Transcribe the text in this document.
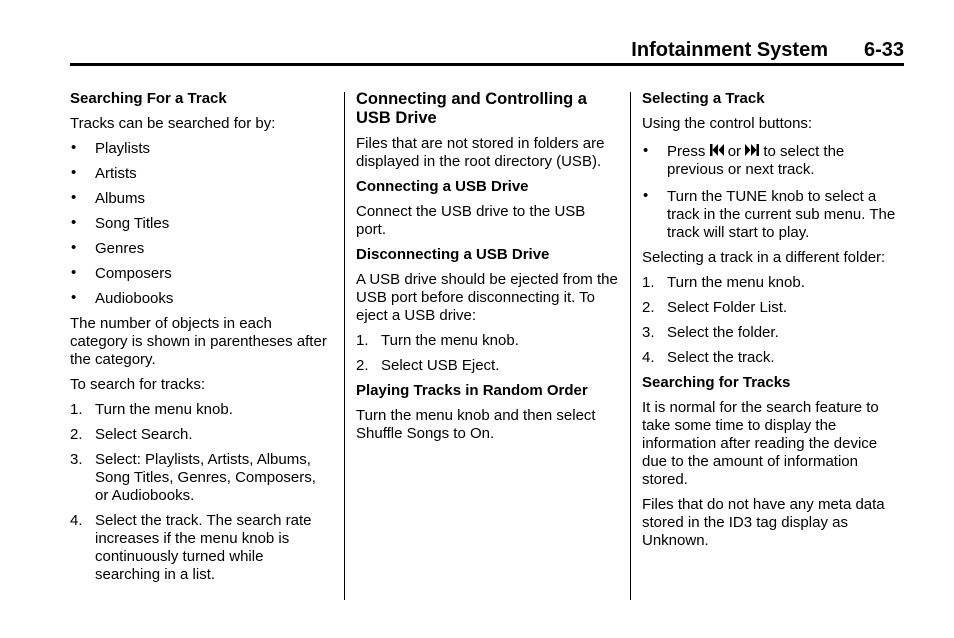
Infotainment System 6-33
Searching For a Track

Tracks can be searched for by:

• Playlists
• Artists
• Albums
• Song Titles
• Genres
• Composers
• Audiobooks

The number of objects in each category is shown in parentheses after the category.

To search for tracks:

1. Turn the menu knob.
2. Select Search.
3. Select: Playlists, Artists, Albums, Song Titles, Genres, Composers, or Audiobooks.
4. Select the track. The search rate increases if the menu knob is continuously turned while searching in a list.
Connecting and Controlling a USB Drive

Files that are not stored in folders are displayed in the root directory (USB).

Connecting a USB Drive

Connect the USB drive to the USB port.

Disconnecting a USB Drive

A USB drive should be ejected from the USB port before disconnecting it. To eject a USB drive:

1. Turn the menu knob.
2. Select USB Eject.
Playing Tracks in Random Order

Turn the menu knob and then select Shuffle Songs to On.

Selecting a Track

Using the control buttons:

• Press or to select the previous or next track.
• Turn the TUNE knob to select a track in the current sub menu. The track will start to play.

Selecting a track in a different folder:

1. Turn the menu knob.
2. Select Folder List.
3. Select the folder.
4. Select the track.
Searching for Tracks

It is normal for the search feature to take some time to display the information after reading the device due to the amount of information stored.

Files that do not have any meta data stored in the ID3 tag display as Unknown.
